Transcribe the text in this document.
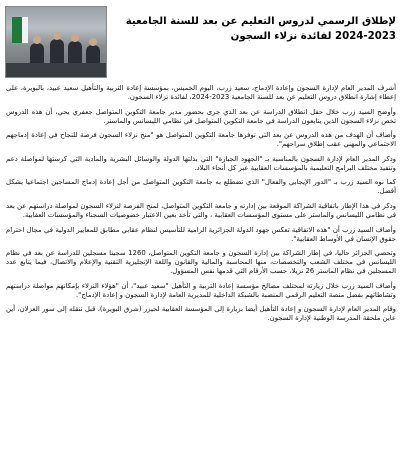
لإطلاق الرسمي لدروس التعليم عن بعد للسنة الجامعية 2023-2024 لفائدة نزلاء السجون

أشرف المدير العام لإدارة السجون وإعادة الإدماج، سعيد زرب، اليوم الخميس، بمؤسسة إعادة التربية والتأهيل سعيد عبيد، بالبويرة، على إعطاء إشارة انطلاق دروس التعليم عن بعد للسنة الجامعية 2023-2024، لفائدة نزلاء السجون.

وأوضح السيد زرب خلال حفل انطلاق الدراسة عن بعد الذي جرى بحضور مدير جامعة التكوين المتواصل جعفري يحي، أن هذه الدروس تخص نزلاء السجون الذين يتابعون الدراسة في جامعة التكوين المتواصل في نظامي الليسانس والماستر.

وأضاف أن الهدف من هذه الدروس عن بعد التي توفرها جامعة التكوين المتواصل هو "منح نزلاء السجون فرصة للنجاح في إعادة إدماجهم الاجتماعي والمهني عقب إطلاق سراحهم".

وذكر المدير العام لإدارة السجون بالمناسبة بـ "الجهود الجبارة" التي بذلتها الدولة والوسائل البشرية والمادية التي كرستها لمواصلة دعم وتنفيذ مختلف البرامج التعليمية بالمؤسسات العقابية عبر كل أنحاء البلاد.

كما نوه السيد زرب بـ "الدور الإيجابي والفعال" الذي تضطلع به جامعة التكوين المتواصل من أجل إعادة إدماج المساجين اجتماعيا بشكل أفضل.

وذكر في هذا الإطار باتفاقية الشراكة الموقعة بين إدارته و جامعة التكوين المتواصل، لمنح الفرصة لنزلاء السجون لمواصلة دراستهم عن بعد في نظامي الليسانس والماستر على مستوى المؤسسات العقابية ، والتي تأخذ بعين الاعتبار خصوصيات السجناء والمؤسسات العقابية.

وأضاف السيد زرب أن "هذه الاتفاقية تعكس جهود الدولة الجزائرية الرامية للتأسيس لنظام عقابي مطابق للمعايير الدولية في مجال احترام حقوق الإنسان في الأوساط العقابية".

وتحصي الجزائر حاليا، في إطار الشراكة بين إدارة السجون و جامعة التكوين المتواصل، 1260 سجينا مسجلين للدراسة عن بعد في نظام الليسانس في مختلف الشعب والتخصصات، منها المحاسبة والمالية والقانون واللغة الإنجليزية التقنية والإعلام والاتصال، فيما يتابع عدد المسجلين في نظام الماستر 26 نزيلا، حسب الأرقام التي قدمها نفس المسؤول.

وأضاف السيد زرب خلال زيارته لمختلف مصالح مؤسسة إعادة التربية و التأهيل "سعيد عبيد"، أن "هؤلاء النزلاء بإمكانهم مواصلة دراستهم وتشاطاتهم بفضل منصة التعليم الرقمي المنصبة بالشبكة الداخلية للمديرية العامة لإدارة السجون و إعادة الإدماج".

وقام المدير العام لإدارة السجون و إعادة التأهيل أيضا بزيارة إلى المؤسسة العقابية لحيزر (شرق البويرة)، قبل تنقله إلى سور الغزلان، أين عاين ملحقة المدرسة الوطنية لإدارة السجون.
